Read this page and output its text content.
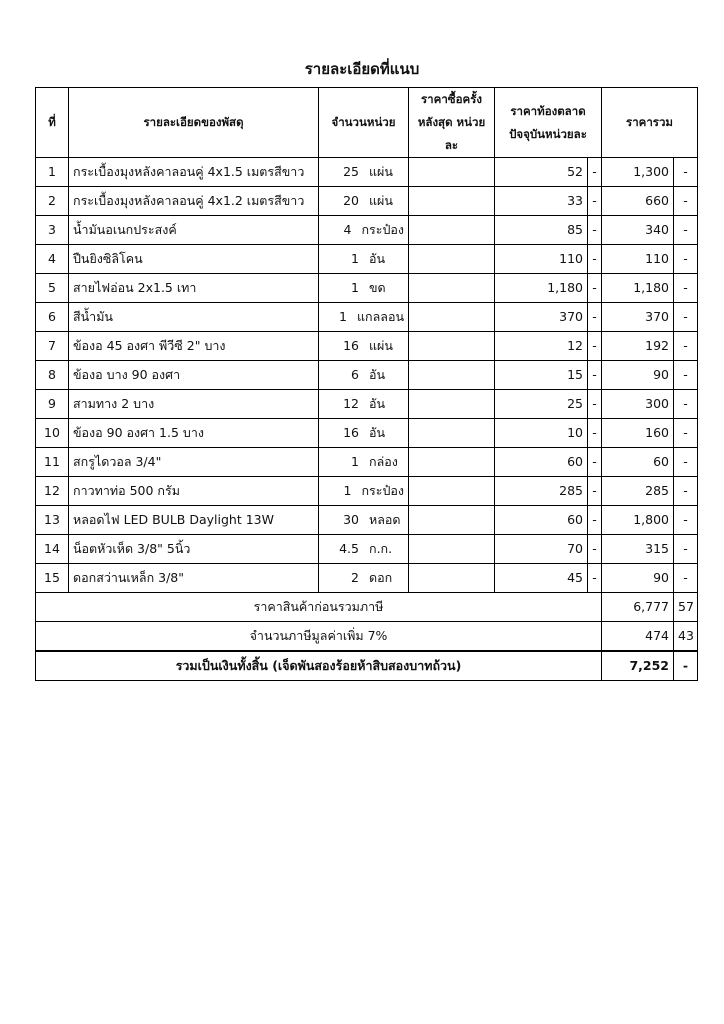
รายละเอียดที่แนบ
ที่	รายละเอียดของพัสดุ	จำนวนหน่วย	ราคาซื้อครั้งหลังสุด หน่วยละ	ราคาท้องตลาด ปัจจุบันหน่วยละ		ราคารวม	
1	กระเบื้องมุงหลังคาลอนคู่ 4x1.5 เมตรสีขาว	25 แผ่น		52	-	1,300	-
2	กระเบื้องมุงหลังคาลอนคู่ 4x1.2 เมตรสีขาว	20 แผ่น		33	-	660	-
3	น้ำมันอเนกประสงค์	4 กระป๋อง		85	-	340	-
4	ปืนยิงซิลิโคน	1 อัน		110	-	110	-
5	สายไฟอ่อน 2x1.5 เทา	1 ขด		1,180	-	1,180	-
6	สีน้ำมัน	1 แกลลอน		370	-	370	-
7	ข้องอ 45 องศา พีวีซี 2" บาง	16 แผ่น		12	-	192	-
8	ข้องอ บาง 90 องศา	6 อัน		15	-	90	-
9	สามทาง 2 บาง	12 อัน		25	-	300	-
10	ข้องอ 90 องศา 1.5 บาง	16 อัน		10	-	160	-
11	สกรูไดวอล 3/4"	1 กล่อง		60	-	60	-
12	กาวทาท่อ 500 กรัม	1 กระป๋อง		285	-	285	-
13	หลอดไฟ LED BULB Daylight 13W	30 หลอด		60	-	1,800	-
14	น็อตหัวเห็ด 3/8" 5นิ้ว	4.5 ก.ก.		70	-	315	-
15	ดอกสว่านเหล็ก 3/8"	2 ดอก		45	-	90	-
ราคาสินค้าก่อนรวมภาษี						6,777	57
จำนวนภาษีมูลค่าเพิ่ม 7%						474	43
รวมเป็นเงินทั้งสิ้น (เจ็ดพันสองร้อยห้าสิบสองบาทถ้วน)						7,252	-
